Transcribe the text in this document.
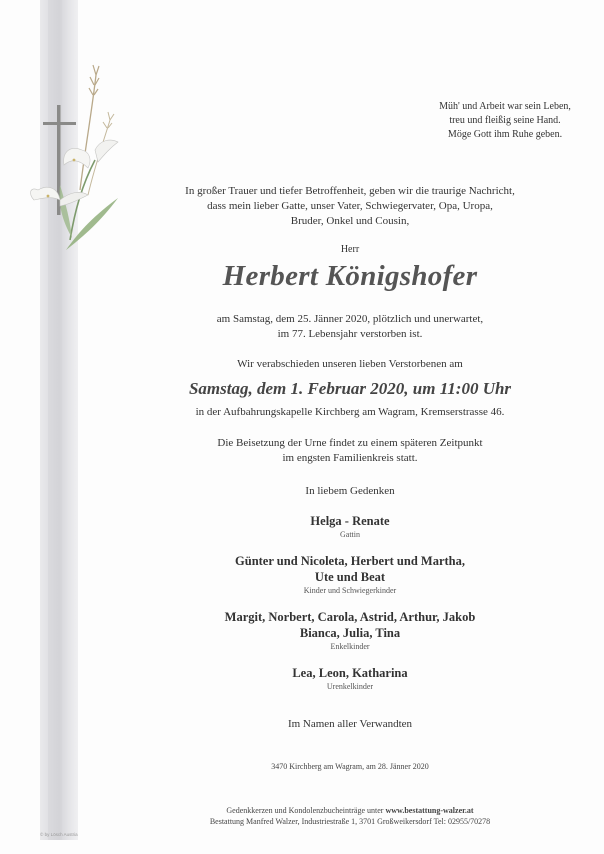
Müh' und Arbeit war sein Leben,
treu und fleißig seine Hand.
Möge Gott ihm Ruhe geben.
In großer Trauer und tiefer Betroffenheit, geben wir die traurige Nachricht,
dass mein lieber Gatte, unser Vater, Schwiegervater, Opa, Uropa,
Bruder, Onkel und Cousin,
Herr
Herbert Königshofer
am Samstag, dem 25. Jänner 2020, plötzlich und unerwartet,
im 77. Lebensjahr verstorben ist.
Wir verabschieden unseren lieben Verstorbenen am
Samstag, dem 1. Februar 2020, um 11:00 Uhr
in der Aufbahrungskapelle Kirchberg am Wagram, Kremserstrasse 46.
Die Beisetzung der Urne findet zu einem späteren Zeitpunkt
im engsten Familienkreis statt.
In liebem Gedenken
Helga - Renate
Gattin
Günter und Nicoleta, Herbert und Martha,
Ute und Beat
Kinder und Schwiegerkinder
Margit, Norbert, Carola, Astrid, Arthur, Jakob
Bianca, Julia, Tina
Enkelkinder
Lea, Leon, Katharina
Urenkelkinder
Im Namen aller Verwandten
3470 Kirchberg am Wagram, am 28. Jänner 2020
Gedenkkerzen und Kondolenzbucheinträge unter www.bestattung-walzer.at
Bestattung Manfred Walzer, Industriestraße 1, 3701 Großweikersdorf Tel: 02955/70278
© by Lösch Austria
